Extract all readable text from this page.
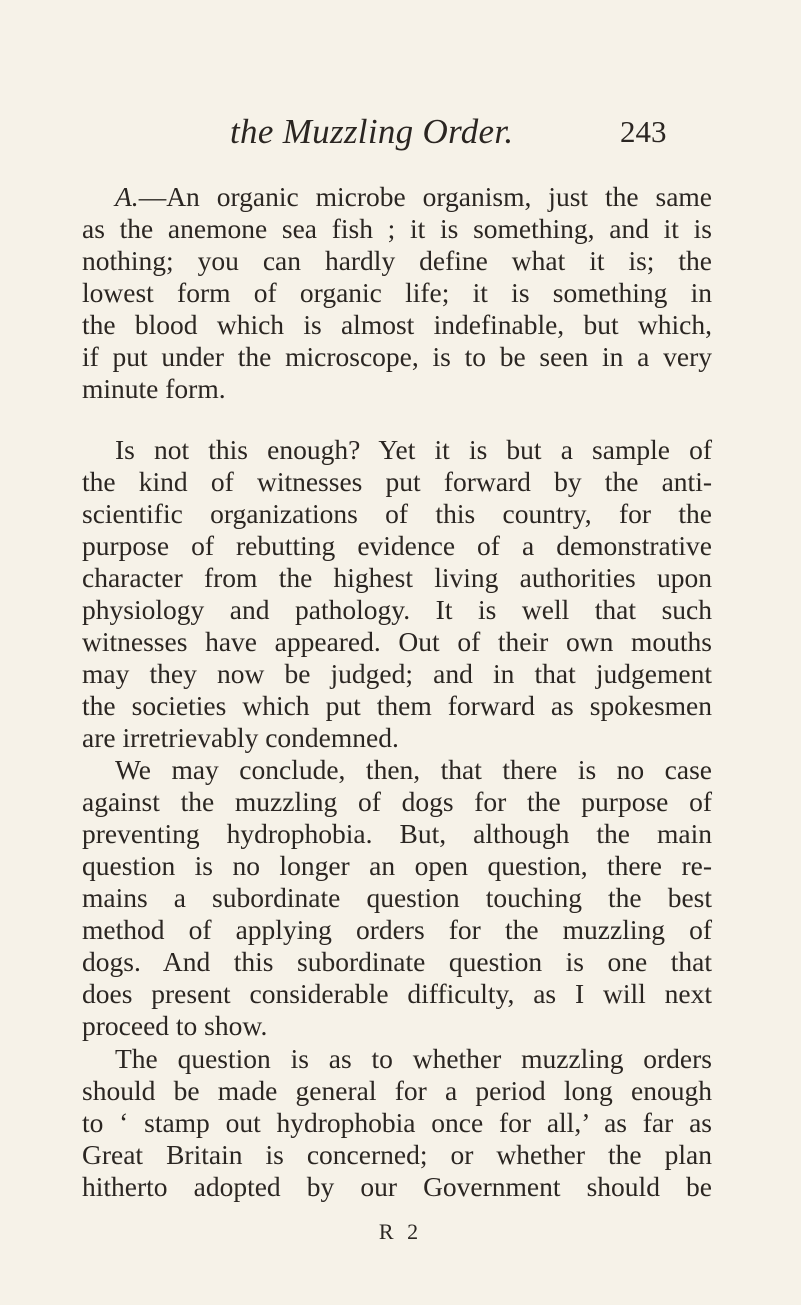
the Muzzling Order.	243
A.—An organic microbe organism, just the same
as the anemone sea fish ; it is something, and it is
nothing; you can hardly define what it is; the
lowest form of organic life; it is something in
the blood which is almost indefinable, but which,
if put under the microscope, is to be seen in a very
minute form.
Is not this enough? Yet it is but a sample of
the kind of witnesses put forward by the anti-
scientific organizations of this country, for the
purpose of rebutting evidence of a demonstrative
character from the highest living authorities upon
physiology and pathology. It is well that such
witnesses have appeared. Out of their own mouths
may they now be judged; and in that judgement
the societies which put them forward as spokesmen
are irretrievably condemned.
We may conclude, then, that there is no case
against the muzzling of dogs for the purpose of
preventing hydrophobia. But, although the main
question is no longer an open question, there re-
mains a subordinate question touching the best
method of applying orders for the muzzling of
dogs. And this subordinate question is one that
does present considerable difficulty, as I will next
proceed to show.
The question is as to whether muzzling orders
should be made general for a period long enough
to ‘ stamp out hydrophobia once for all,’ as far as
Great Britain is concerned; or whether the plan
hitherto adopted by our Government should be
R 2
